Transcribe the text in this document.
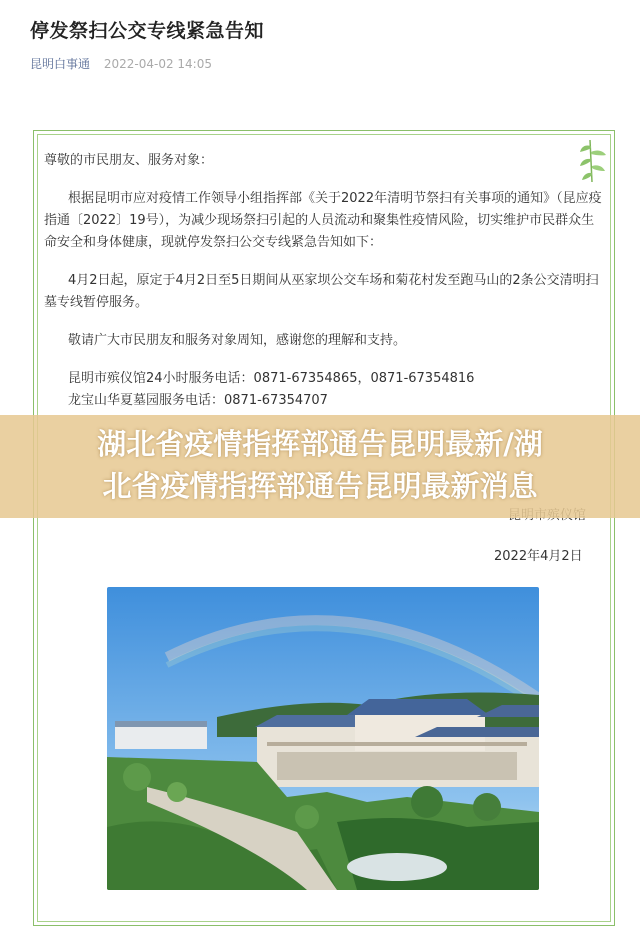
停发祭扫公交专线紧急告知
昆明白事通 2022-04-02 14:05

尊敬的市民朋友、服务对象：

根据昆明市应对疫情工作领导小组指挥部《关于2022年清明节祭扫有关事项的通知》（昆应疫指通〔2022〕19号），为减少现场祭扫引起的人员流动和聚集性疫情风险，切实维护市民群众生命安全和身体健康，现就停发祭扫公交专线紧急告知如下：

4月2日起，原定于4月2日至5日期间从巫家坝公交车场和菊花村发至跑马山的2条公交清明扫墓专线暂停服务。

敬请广大市民朋友和服务对象周知，感谢您的理解和支持。

昆明市殡仪馆24小时服务电话：0871-67354865，0871-67354816

龙宝山华夏墓园服务电话：0871-67354707

2022年4月2日
湖北省疫情指挥部通告昆明最新/湖
北省疫情指挥部通告昆明最新消息
